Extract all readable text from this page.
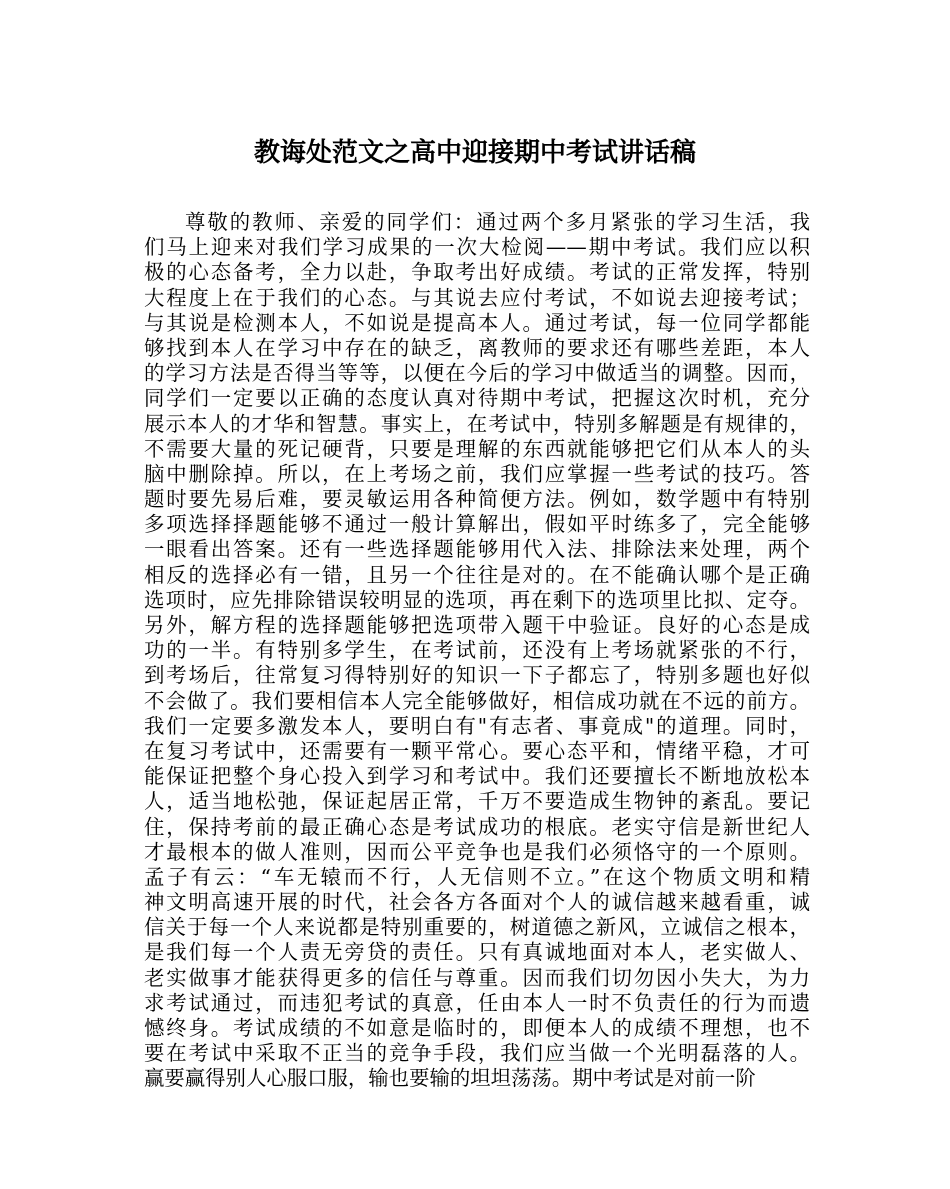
教诲处范文之高中迎接期中考试讲话稿
尊敬的教师、亲爱的同学们：通过两个多月紧张的学习生活，我
们马上迎来对我们学习成果的一次大检阅——期中考试。我们应以积
极的心态备考，全力以赴，争取考出好成绩。考试的正常发挥，特别
大程度上在于我们的心态。与其说去应付考试，不如说去迎接考试；
与其说是检测本人，不如说是提高本人。通过考试，每一位同学都能
够找到本人在学习中存在的缺乏，离教师的要求还有哪些差距，本人
的学习方法是否得当等等，以便在今后的学习中做适当的调整。因而，
同学们一定要以正确的态度认真对待期中考试，把握这次时机，充分
展示本人的才华和智慧。事实上，在考试中，特别多解题是有规律的，
不需要大量的死记硬背，只要是理解的东西就能够把它们从本人的头
脑中删除掉。所以，在上考场之前，我们应掌握一些考试的技巧。答
题时要先易后难，要灵敏运用各种简便方法。例如，数学题中有特别
多项选择择题能够不通过一般计算解出，假如平时练多了，完全能够
一眼看出答案。还有一些选择题能够用代入法、排除法来处理，两个
相反的选择必有一错，且另一个往往是对的。在不能确认哪个是正确
选项时，应先排除错误较明显的选项，再在剩下的选项里比拟、定夺。
另外，解方程的选择题能够把选项带入题干中验证。良好的心态是成
功的一半。有特别多学生，在考试前，还没有上考场就紧张的不行，
到考场后，往常复习得特别好的知识一下子都忘了，特别多题也好似
不会做了。我们要相信本人完全能够做好，相信成功就在不远的前方。
我们一定要多激发本人，要明白有"有志者、事竟成"的道理。同时，
在复习考试中，还需要有一颗平常心。要心态平和，情绪平稳，才可
能保证把整个身心投入到学习和考试中。我们还要擅长不断地放松本
人，适当地松弛，保证起居正常，千万不要造成生物钟的紊乱。要记
住，保持考前的最正确心态是考试成功的根底。老实守信是新世纪人
才最根本的做人准则，因而公平竞争也是我们必须恪守的一个原则。
孟子有云：“车无辕而不行，人无信则不立。”在这个物质文明和精
神文明高速开展的时代，社会各方各面对个人的诚信越来越看重，诚
信关于每一个人来说都是特别重要的，树道德之新风，立诚信之根本，
是我们每一个人责无旁贷的责任。只有真诚地面对本人，老实做人、
老实做事才能获得更多的信任与尊重。因而我们切勿因小失大，为力
求考试通过，而违犯考试的真意，任由本人一时不负责任的行为而遗
憾终身。考试成绩的不如意是临时的，即便本人的成绩不理想，也不
要在考试中采取不正当的竞争手段，我们应当做一个光明磊落的人。
赢要赢得别人心服口服，输也要输的坦坦荡荡。期中考试是对前一阶
